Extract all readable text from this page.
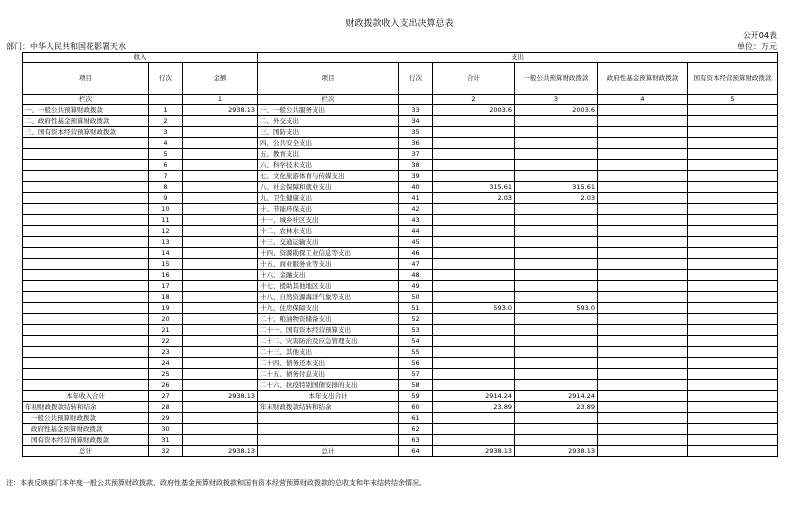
财政拨款收入支出决算总表
公开04表
部门：中华人民共和国花影署天水	单位：万元
收入			支出					
项目	行次	金额	项目	行次	合计	一般公共预算财政拨款	政府性基金预算财政拨款	国有资本经营预算财政拨款
栏次		1	栏次		2	3	4	5
一、一般公共预算财政拨款	1	2938.13	一、一般公共服务支出	33	2003.6	2003.6		
二、政府性基金预算财政拨款	2		二、外交支出	34				
三、国有资本经营预算财政拨款	3		三、国防支出	35				
	4		四、公共安全支出	36				
	5		五、教育支出	37				
	6		六、科学技术支出	38				
	7		七、文化旅游体育与传媒支出	39				
	8		八、社会保障和就业支出	40	315.61	315.61		
	9		九、卫生健康支出	41	2.03	2.03		
	10		十、节能环保支出	42				
	11		十一、城乡社区支出	43				
	12		十二、农林水支出	44				
	13		十三、交通运输支出	45				
	14		十四、资源勘探工业信息等支出	46				
	15		十五、商业服务业等支出	47				
	16		十六、金融支出	48				
	17		十七、援助其他地区支出	49				
	18		十八、自然资源海洋气象等支出	50				
	19		十九、住房保障支出	51	593.0	593.0		
	20		二十、粮油物资储备支出	52				
	21		二十一、国有资本经营预算支出	53				
	22		二十二、灾害防治及应急管理支出	54				
	23		二十三、其他支出	55				
	24		二十四、债务还本支出	56				
	25		二十五、债务付息支出	57				
	26		二十六、抗疫特别国债安排的支出	58				
本年收入合计	27	2938.13	本年支出合计	59	2914.24	2914.24		
年初财政拨款结转和结余	28		年末财政拨款结转和结余	60	23.89	23.89		
一般公共预算财政拨款	29			61				
政府性基金预算财政拨款	30			62				
国有资本经营预算财政拨款	31			63				
总计	32	2938.13	总计	64	2938.13	2938.13		
注：本表反映部门本年度一般公共预算财政拨款、政府性基金预算财政拨款和国有资本经营预算财政拨款的总收支和年末结转结余情况。
